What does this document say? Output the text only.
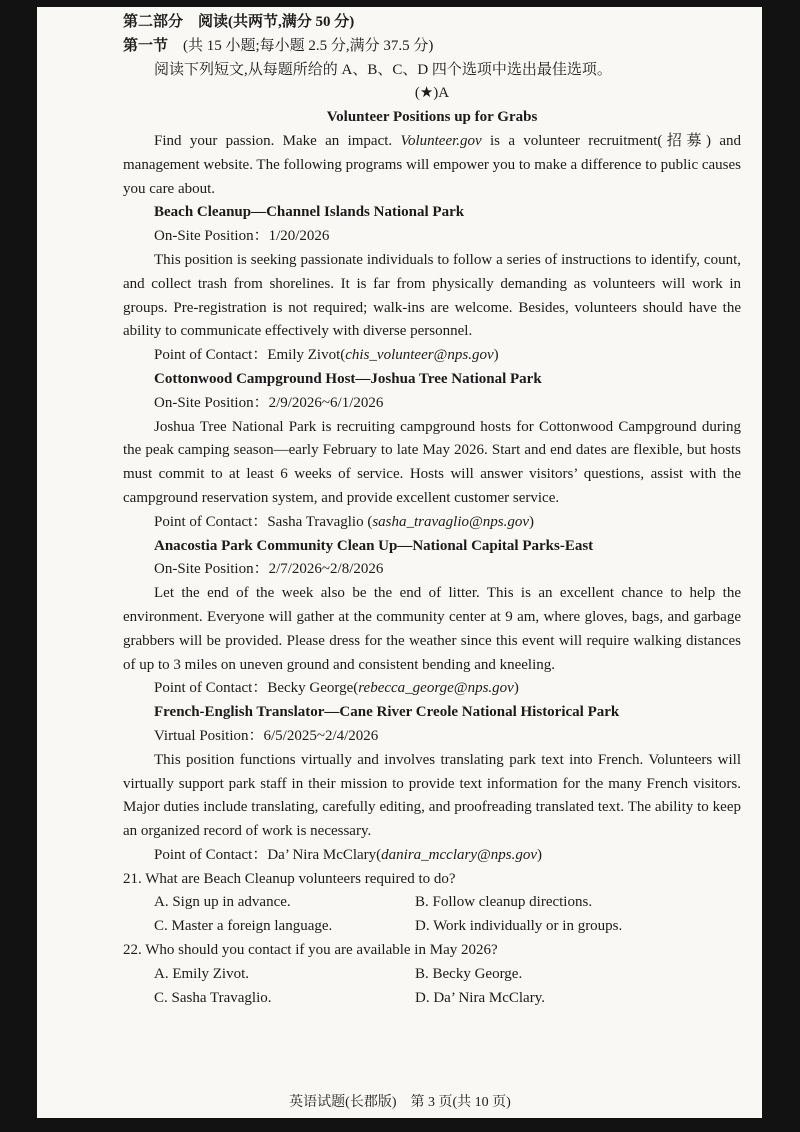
第二部分　阅读(共两节,满分 50 分)

第一节　(共 15 小题;每小题 2.5 分,满分 37.5 分)

阅读下列短文,从每题所给的 A、B、C、D 四个选项中选出最佳选项。

(★)A

Volunteer Positions up for Grabs

Find your passion. Make an impact. Volunteer.gov is a volunteer recruitment(招募) and management website. The following programs will empower you to make a difference to public causes you care about.

Beach Cleanup—Channel Islands National Park

On-Site Position：1/20/2026

This position is seeking passionate individuals to follow a series of instructions to identify, count, and collect trash from shorelines. It is far from physically demanding as volunteers will work in groups. Pre-registration is not required; walk-ins are welcome. Besides, volunteers should have the ability to communicate effectively with diverse personnel.

Point of Contact：Emily Zivot(chis_volunteer@nps.gov)

Cottonwood Campground Host—Joshua Tree National Park

On-Site Position：2/9/2026~6/1/2026

Joshua Tree National Park is recruiting campground hosts for Cottonwood Campground during the peak camping season—early February to late May 2026. Start and end dates are flexible, but hosts must commit to at least 6 weeks of service. Hosts will answer visitors’ questions, assist with the campground reservation system, and provide excellent customer service.

Point of Contact：Sasha Travaglio (sasha_travaglio@nps.gov)

Anacostia Park Community Clean Up—National Capital Parks-East

On-Site Position：2/7/2026~2/8/2026

Let the end of the week also be the end of litter. This is an excellent chance to help the environment. Everyone will gather at the community center at 9 am, where gloves, bags, and garbage grabbers will be provided. Please dress for the weather since this event will require walking distances of up to 3 miles on uneven ground and consistent bending and kneeling.

Point of Contact：Becky George(rebecca_george@nps.gov)

French-English Translator—Cane River Creole National Historical Park

Virtual Position：6/5/2025~2/4/2026

This position functions virtually and involves translating park text into French. Volunteers will virtually support park staff in their mission to provide text information for the many French visitors. Major duties include translating, carefully editing, and proofreading translated text. The ability to keep an organized record of work is necessary.

Point of Contact：Da’ Nira McClary(danira_mcclary@nps.gov)

21. What are Beach Cleanup volunteers required to do?

A. Sign up in advance.	B. Follow cleanup directions.

C. Master a foreign language.	D. Work individually or in groups.

22. Who should you contact if you are available in May 2026?

A. Emily Zivot.	B. Becky George.

C. Sasha Travaglio.	D. Da’ Nira McClary.

英语试题(长郡版)　第 3 页(共 10 页)
